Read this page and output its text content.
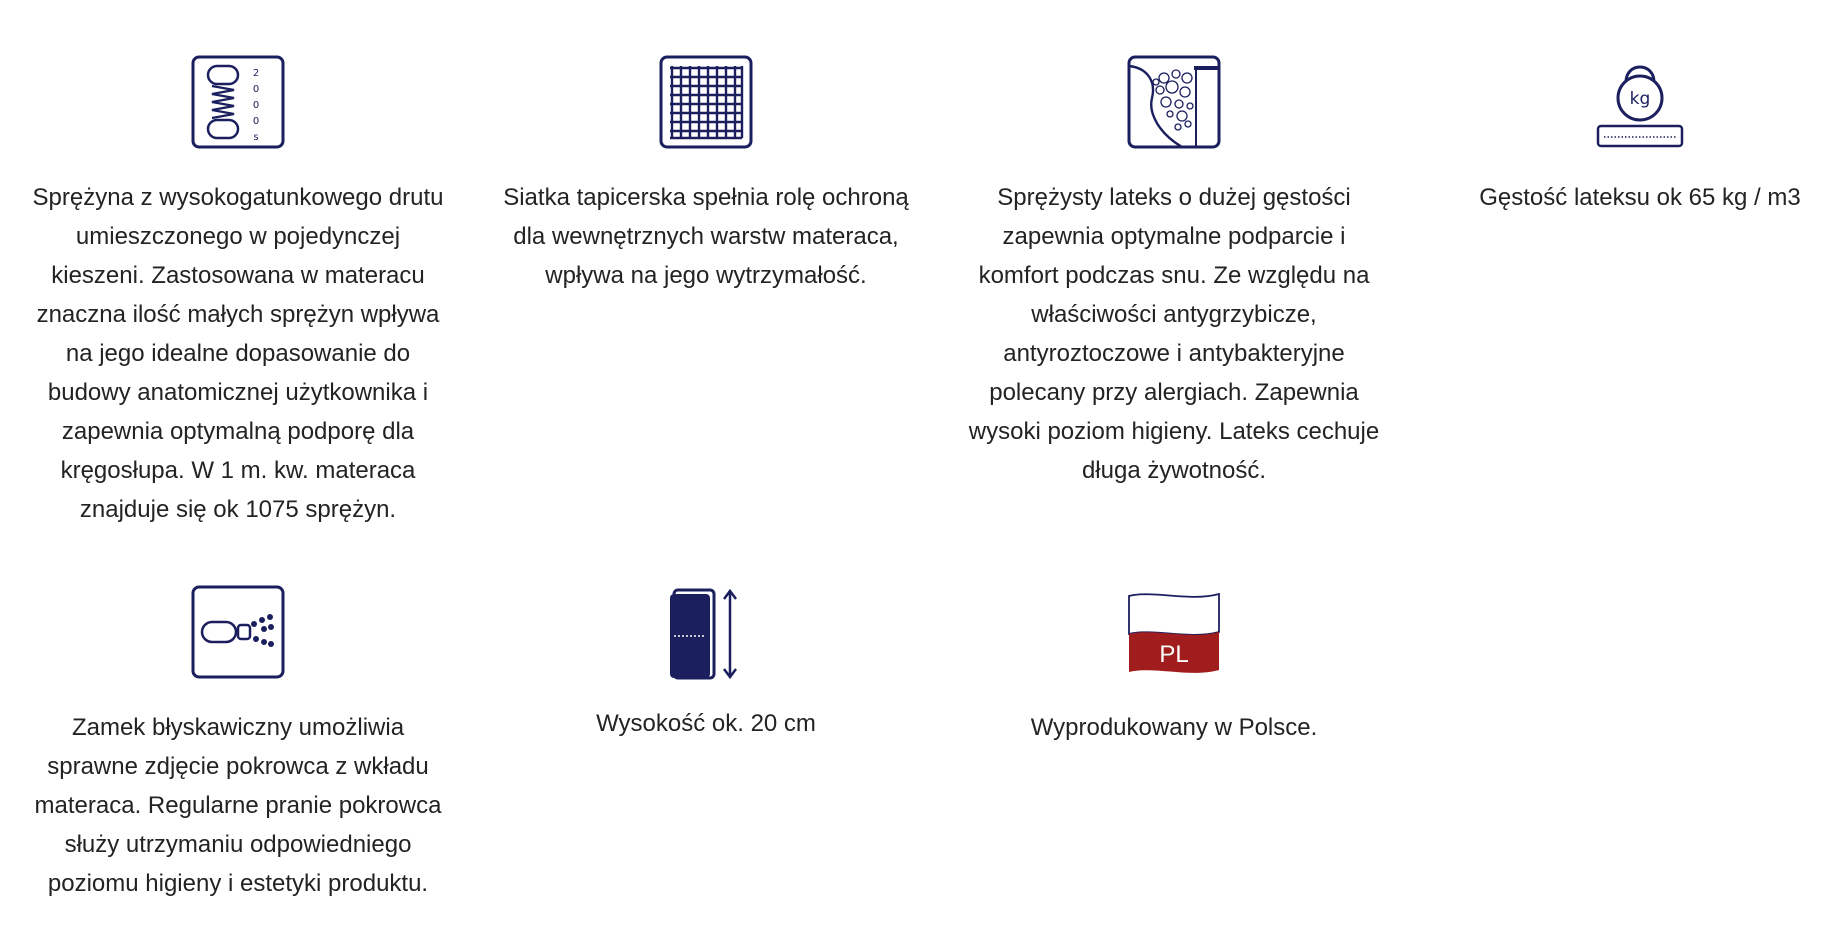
2
0
0
0
s
Sprężyna z wysokogatunkowego drutu umieszczonego w pojedynczej kieszeni. Zastosowana w materacu znaczna ilość małych sprężyn wpływa na jego idealne dopasowanie do budowy anatomicznej użytkownika i zapewnia optymalną podporę dla kręgosłupa. W 1 m. kw. materaca znajduje się ok 1075 sprężyn.
Siatka tapicerska spełnia rolę ochroną dla wewnętrznych warstw materaca, wpływa na jego wytrzymałość.
Sprężysty lateks o dużej gęstości zapewnia optymalne podparcie i komfort podczas snu. Ze względu na właściwości antygrzybicze, antyroztoczowe i antybakteryjne polecany przy alergiach. Zapewnia wysoki poziom higieny. Lateks cechuje długa żywotność.
kg
Gęstość lateksu ok 65 kg / m3
Zamek błyskawiczny umożliwia sprawne zdjęcie pokrowca z wkładu materaca. Regularne pranie pokrowca służy utrzymaniu odpowiedniego poziomu higieny i estetyki produktu.
Wysokość ok. 20 cm
PL
Wyprodukowany w Polsce.
